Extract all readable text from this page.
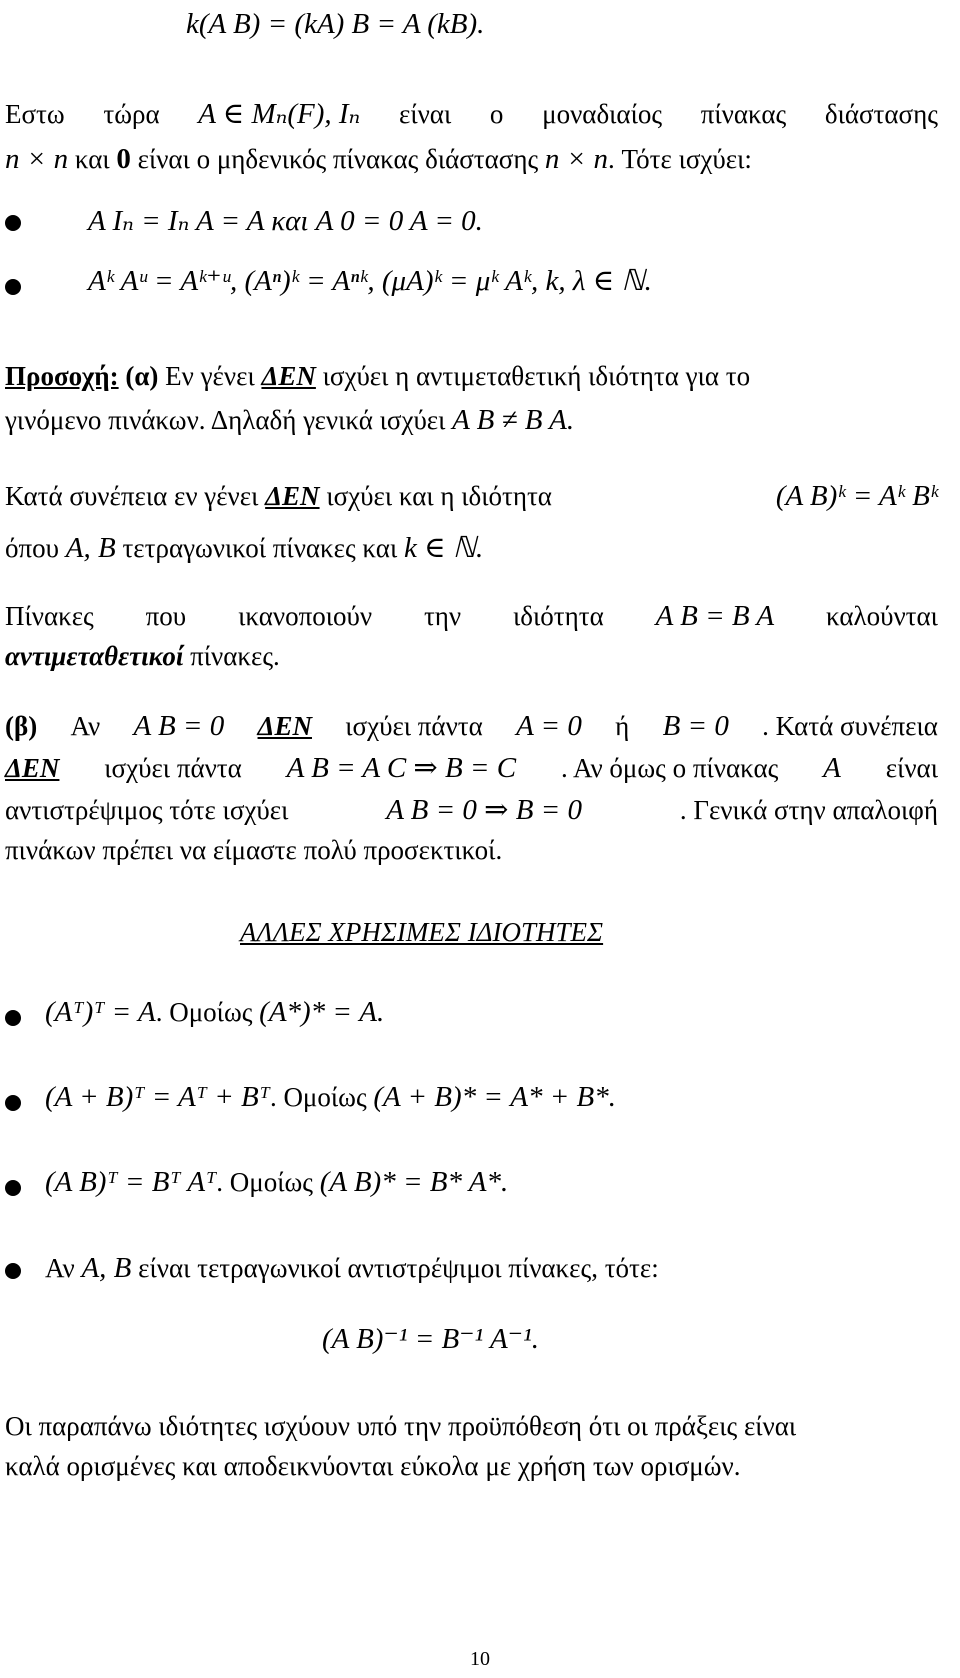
k(A B) = (kA) B = A (kB).
Εστω τώρα A ∈ Mₙ(F), Iₙ είναι ο μοναδιαίος πίνακας διάστασης
n × n και 0 είναι ο μηδενικός πίνακας διάστασης n × n. Τότε ισχύει:
A Iₙ = Iₙ A = A και A 0 = 0 A = 0.
Aᵏ Aᵘ = Aᵏ⁺ᵘ, (Aⁿ)ᵏ = Aⁿᵏ, (μA)ᵏ = μᵏ Aᵏ, k, λ ∈ ℕ.
Προσοχή: (α) Εν γένει ΔΕΝ ισχύει η αντιμεταθετική ιδιότητα για το
γινόμενο πινάκων. Δηλαδή γενικά ισχύει A B ≠ B A.
Κατά συνέπεια εν γένει ΔΕΝ ισχύει και η ιδιότητα	(A B)ᵏ = Aᵏ Bᵏ
όπου A, B τετραγωνικοί πίνακες και k ∈ ℕ.
Πίνακες που ικανοποιούν την ιδιότητα A B = B A καλούνται
αντιμεταθετικοί πίνακες.
(β) Αν A B = 0 ΔΕΝ ισχύει πάντα A = 0 ή B = 0 . Κατά συνέπεια
ΔΕΝ ισχύει πάντα A B = A C ⇒ B = C . Αν όμως ο πίνακας A είναι
αντιστρέψιμος τότε ισχύει	A B = 0 ⇒ B = 0	. Γενικά στην απαλοιφή
πινάκων πρέπει να είμαστε πολύ προσεκτικοί.
ΑΛΛΕΣ ΧΡΗΣΙΜΕΣ ΙΔΙΟΤΗΤΕΣ
(Aᵀ)ᵀ = A. Ομοίως (A*)* = A.
(A + B)ᵀ = Aᵀ + Bᵀ. Ομοίως (A + B)* = A* + B*.
(A B)ᵀ = Bᵀ Aᵀ. Ομοίως (A B)* = B* A*.
Αν A, B είναι τετραγωνικοί αντιστρέψιμοι πίνακες, τότε:
(A B)⁻¹ = B⁻¹ A⁻¹.
Οι παραπάνω ιδιότητες ισχύουν υπό την προϋπόθεση ότι οι πράξεις είναι
καλά ορισμένες και αποδεικνύονται εύκολα με χρήση των ορισμών.
10
